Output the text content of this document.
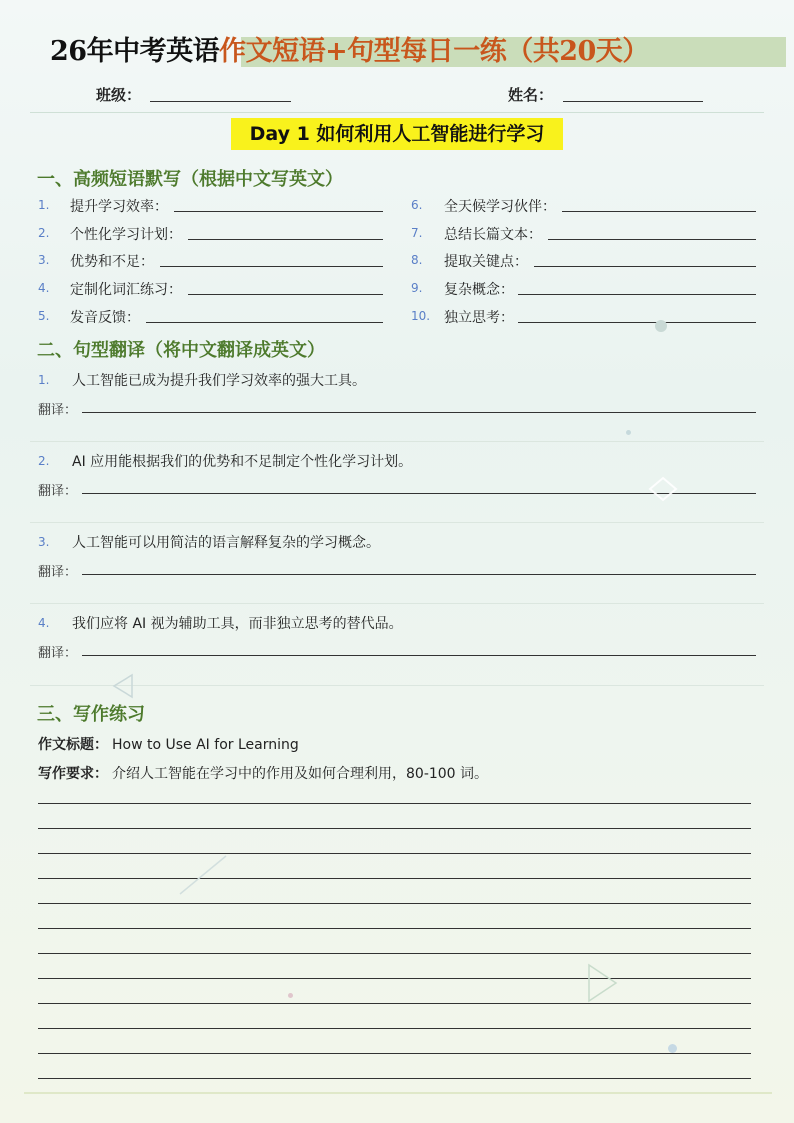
26年中考英语作文短语+句型每日一练（共20天）
班级：	姓名：
Day 1 如何利用人工智能进行学习
一、高频短语默写（根据中文写英文）
1. 提升学习效率：
2. 个性化学习计划：
3. 优势和不足：
4. 定制化词汇练习：
5. 发音反馈：
6. 全天候学习伙伴：
7. 总结长篇文本：
8. 提取关键点：
9. 复杂概念：
10. 独立思考：
二、句型翻译（将中文翻译成英文）
1. 人工智能已成为提升我们学习效率的强大工具。
翻译：
2. AI 应用能根据我们的优势和不足制定个性化学习计划。
翻译：
3. 人工智能可以用简洁的语言解释复杂的学习概念。
翻译：
4. 我们应将 AI 视为辅助工具，而非独立思考的替代品。
翻译：
三、写作练习
作文标题： How to Use AI for Learning
写作要求： 介绍人工智能在学习中的作用及如何合理利用，80-100 词。
